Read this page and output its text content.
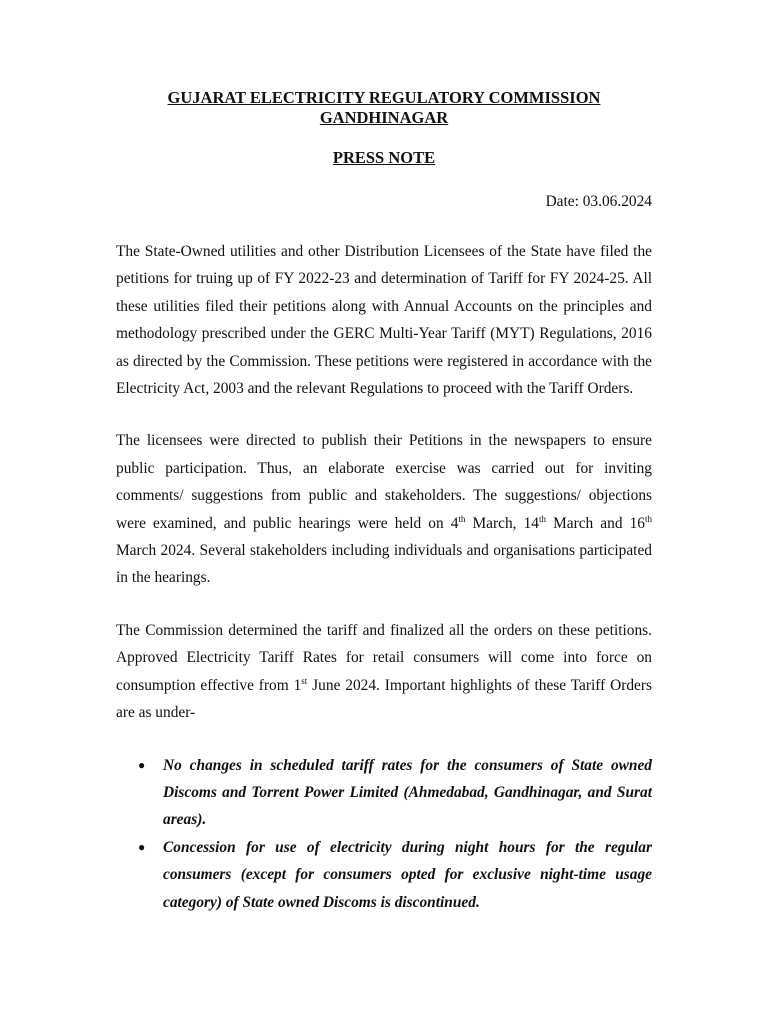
GUJARAT ELECTRICITY REGULATORY COMMISSION
GANDHINAGAR

PRESS NOTE

Date: 03.06.2024

The State-Owned utilities and other Distribution Licensees of the State have filed the petitions for truing up of FY 2022-23 and determination of Tariff for FY 2024-25. All these utilities filed their petitions along with Annual Accounts on the principles and methodology prescribed under the GERC Multi-Year Tariff (MYT) Regulations, 2016 as directed by the Commission. These petitions were registered in accordance with the Electricity Act, 2003 and the relevant Regulations to proceed with the Tariff Orders.

The licensees were directed to publish their Petitions in the newspapers to ensure public participation. Thus, an elaborate exercise was carried out for inviting comments/ suggestions from public and stakeholders. The suggestions/ objections were examined, and public hearings were held on 4th March, 14th March and 16th March 2024. Several stakeholders including individuals and organisations participated in the hearings.

The Commission determined the tariff and finalized all the orders on these petitions. Approved Electricity Tariff Rates for retail consumers will come into force on consumption effective from 1st June 2024. Important highlights of these Tariff Orders are as under-

● No changes in scheduled tariff rates for the consumers of State owned Discoms and Torrent Power Limited (Ahmedabad, Gandhinagar, and Surat areas).
● Concession for use of electricity during night hours for the regular consumers (except for consumers opted for exclusive night-time usage category) of State owned Discoms is discontinued.
